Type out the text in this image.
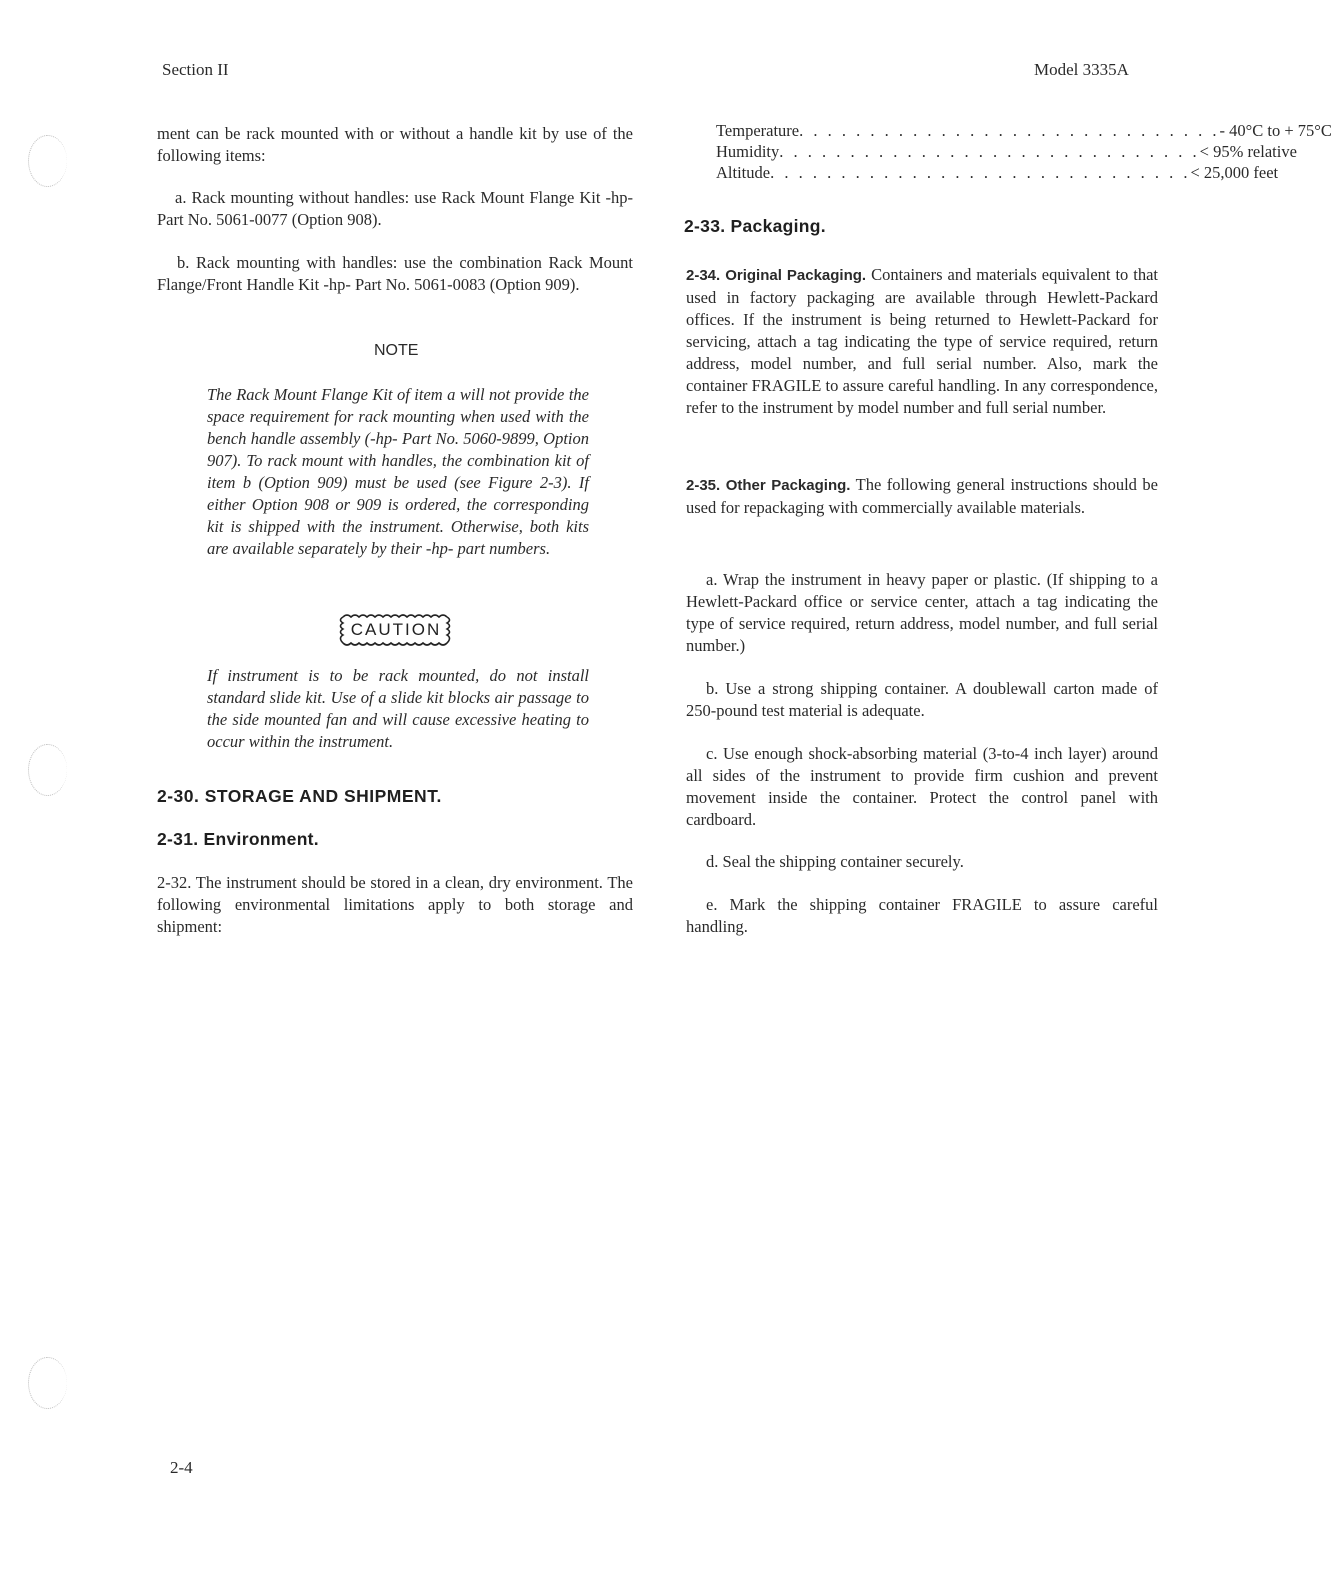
Section II	Model 3335A

ment can be rack mounted with or without a handle kit by use of the following items:

a. Rack mounting without handles: use Rack Mount Flange Kit -hp- Part No. 5061-0077 (Option 908).

b. Rack mounting with handles: use the combination Rack Mount Flange/Front Handle Kit -hp- Part No. 5061-0083 (Option 909).

NOTE
The Rack Mount Flange Kit of item a will not provide the space requirement for rack mounting when used with the bench handle assembly (-hp- Part No. 5060-9899, Option 907). To rack mount with handles, the combination kit of item b (Option 909) must be used (see Figure 2-3). If either Option 908 or 909 is ordered, the corresponding kit is shipped with the instrument. Otherwise, both kits are available separately by their -hp- part numbers.
CAUTION
If instrument is to be rack mounted, do not install standard slide kit. Use of a slide kit blocks air passage to the side mounted fan and will cause excessive heating to occur within the instrument.
2-30. STORAGE AND SHIPMENT.
2-31. Environment.
2-32. The instrument should be stored in a clean, dry environment. The following environmental limitations apply to both storage and shipment:
Temperature . . . . . . . . . . . . . . . . . . . . . . . . . . . . . . - 40°C to + 75°C
Humidity . . . . . . . . . . . . . . . . . . . . . . . . . . . . . . < 95% relative
Altitude . . . . . . . . . . . . . . . . . . . . . . . . . . . . . . < 25,000 feet
2-33. Packaging.
2-34. Original Packaging. Containers and materials equivalent to that used in factory packaging are available through Hewlett-Packard offices. If the instrument is being returned to Hewlett-Packard for servicing, attach a tag indicating the type of service required, return address, model number, and full serial number. Also, mark the container FRAGILE to assure careful handling. In any correspondence, refer to the instrument by model number and full serial number.
2-35. Other Packaging. The following general instructions should be used for repackaging with commercially available materials.
a. Wrap the instrument in heavy paper or plastic. (If shipping to a Hewlett-Packard office or service center, attach a tag indicating the type of service required, return address, model number, and full serial number.)
b. Use a strong shipping container. A doublewall carton made of 250-pound test material is adequate.
c. Use enough shock-absorbing material (3-to-4 inch layer) around all sides of the instrument to provide firm cushion and prevent movement inside the container. Protect the control panel with cardboard.
d. Seal the shipping container securely.
e. Mark the shipping container FRAGILE to assure careful handling.
2-4
